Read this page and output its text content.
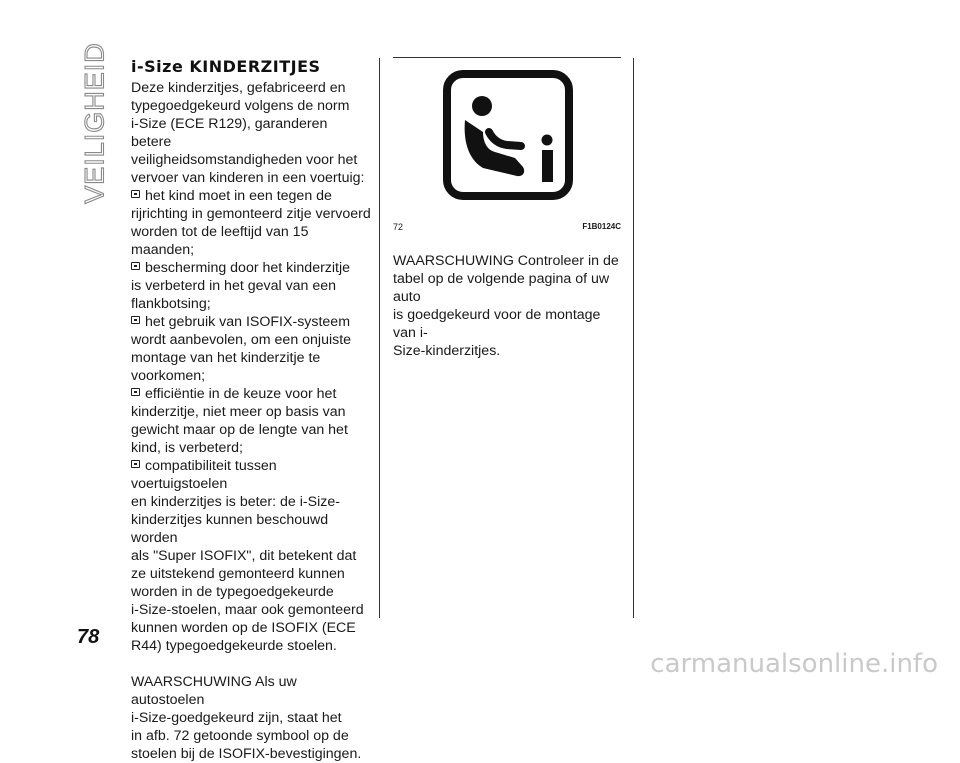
VEILIGHEID
78
i-Size KINDERZITJES

Deze kinderzitjes, gefabriceerd en

typegoedgekeurd volgens de norm

i-Size (ECE R129), garanderen betere

veiligheidsomstandigheden voor het

vervoer van kinderen in een voertuig:

het kind moet in een tegen de

rijrichting in gemonteerd zitje vervoerd

worden tot de leeftijd van 15 maanden;

bescherming door het kinderzitje

is verbeterd in het geval van een

flankbotsing;

het gebruik van ISOFIX-systeem

wordt aanbevolen, om een onjuiste

montage van het kinderzitje te

voorkomen;

efficiëntie in de keuze voor het

kinderzitje, niet meer op basis van

gewicht maar op de lengte van het

kind, is verbeterd;

compatibiliteit tussen voertuigstoelen

en kinderzitjes is beter: de i-Size-

kinderzitjes kunnen beschouwd worden

als "Super ISOFIX", dit betekent dat

ze uitstekend gemonteerd kunnen

worden in de typegoedgekeurde

i-Size-stoelen, maar ook gemonteerd

kunnen worden op de ISOFIX (ECE

R44) typegoedgekeurde stoelen.

WAARSCHUWING Als uw autostoelen

i-Size-goedgekeurd zijn, staat het

in afb. 72 getoonde symbool op de

stoelen bij de ISOFIX-bevestigingen.

72	F1B0124C

WAARSCHUWING Controleer in de

tabel op de volgende pagina of uw auto

is goedgekeurd voor de montage van i-

Size-kinderzitjes.

carmanualsonline.info
